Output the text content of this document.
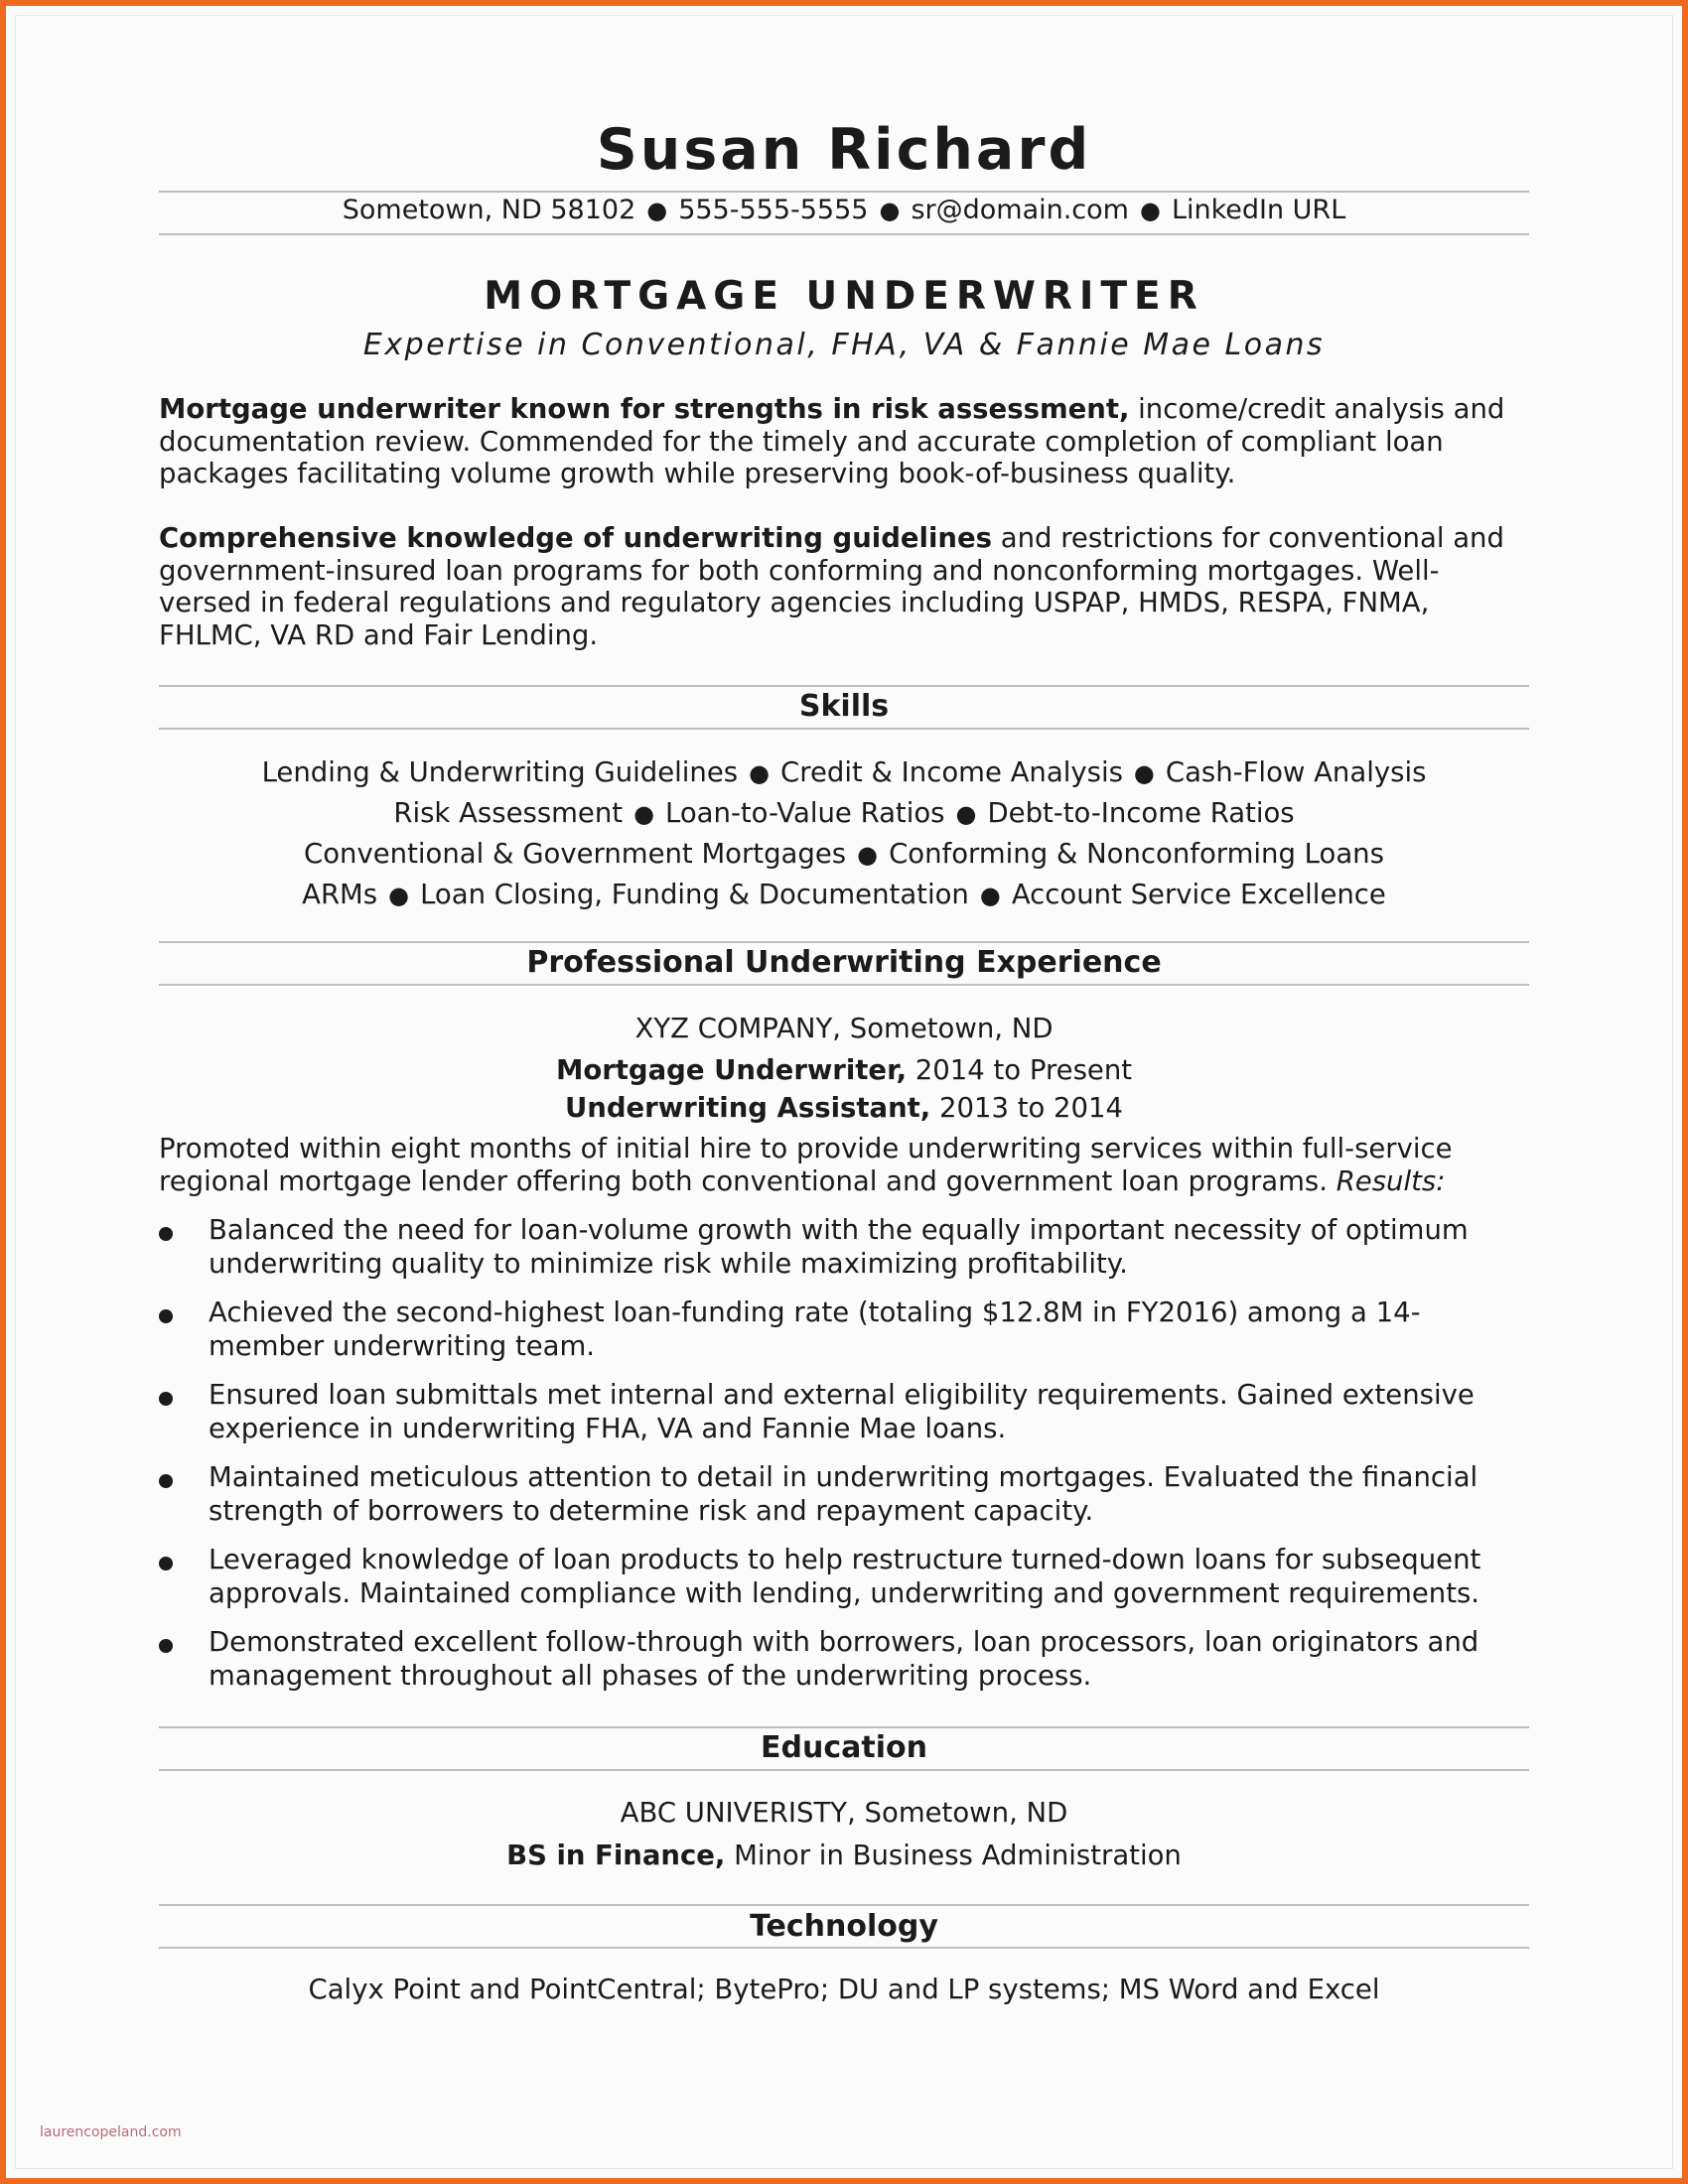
Susan Richard
Sometown, ND 58102 ● 555-555-5555 ● sr@domain.com ● LinkedIn URL
MORTGAGE UNDERWRITER
Expertise in Conventional, FHA, VA & Fannie Mae Loans
Mortgage underwriter known for strengths in risk assessment, income/credit analysis and documentation review. Commended for the timely and accurate completion of compliant loan packages facilitating volume growth while preserving book-of-business quality.
Comprehensive knowledge of underwriting guidelines and restrictions for conventional and government-insured loan programs for both conforming and nonconforming mortgages. Well-versed in federal regulations and regulatory agencies including USPAP, HMDS, RESPA, FNMA, FHLMC, VA RD and Fair Lending.
Skills
Lending & Underwriting Guidelines ● Credit & Income Analysis ● Cash-Flow Analysis
Risk Assessment ● Loan-to-Value Ratios ● Debt-to-Income Ratios
Conventional & Government Mortgages ● Conforming & Nonconforming Loans
ARMs ● Loan Closing, Funding & Documentation ● Account Service Excellence
Professional Underwriting Experience
XYZ COMPANY, Sometown, ND
Mortgage Underwriter, 2014 to Present
Underwriting Assistant, 2013 to 2014
Promoted within eight months of initial hire to provide underwriting services within full-service regional mortgage lender offering both conventional and government loan programs. Results:
Balanced the need for loan-volume growth with the equally important necessity of optimum underwriting quality to minimize risk while maximizing profitability.
Achieved the second-highest loan-funding rate (totaling $12.8M in FY2016) among a 14-member underwriting team.
Ensured loan submittals met internal and external eligibility requirements. Gained extensive experience in underwriting FHA, VA and Fannie Mae loans.
Maintained meticulous attention to detail in underwriting mortgages. Evaluated the financial strength of borrowers to determine risk and repayment capacity.
Leveraged knowledge of loan products to help restructure turned-down loans for subsequent approvals. Maintained compliance with lending, underwriting and government requirements.
Demonstrated excellent follow-through with borrowers, loan processors, loan originators and management throughout all phases of the underwriting process.
Education
ABC UNIVERISTY, Sometown, ND
BS in Finance, Minor in Business Administration
Technology
Calyx Point and PointCentral; BytePro; DU and LP systems; MS Word and Excel
laurencopeland.com
